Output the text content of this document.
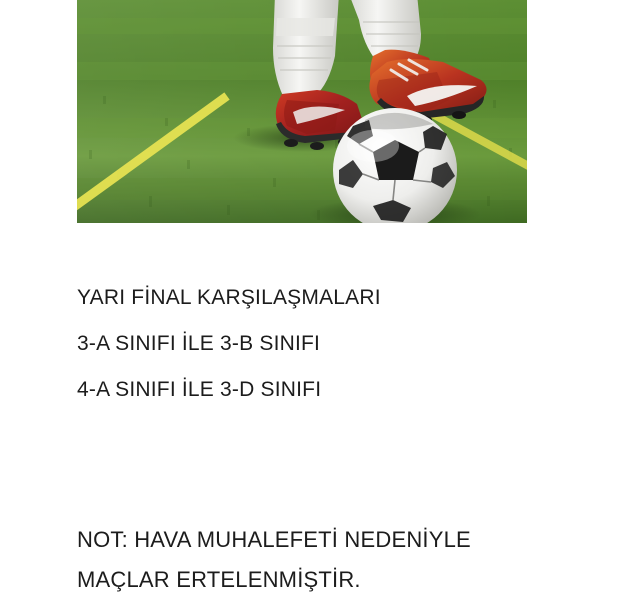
YARI FİNAL KARŞILAŞMALARI
3-A SINIFI İLE 3-B SINIFI
4-A SINIFI İLE 3-D SINIFI
NOT: HAVA MUHALEFETİ NEDENİYLE
MAÇLAR ERTELENMİŞTİR.
